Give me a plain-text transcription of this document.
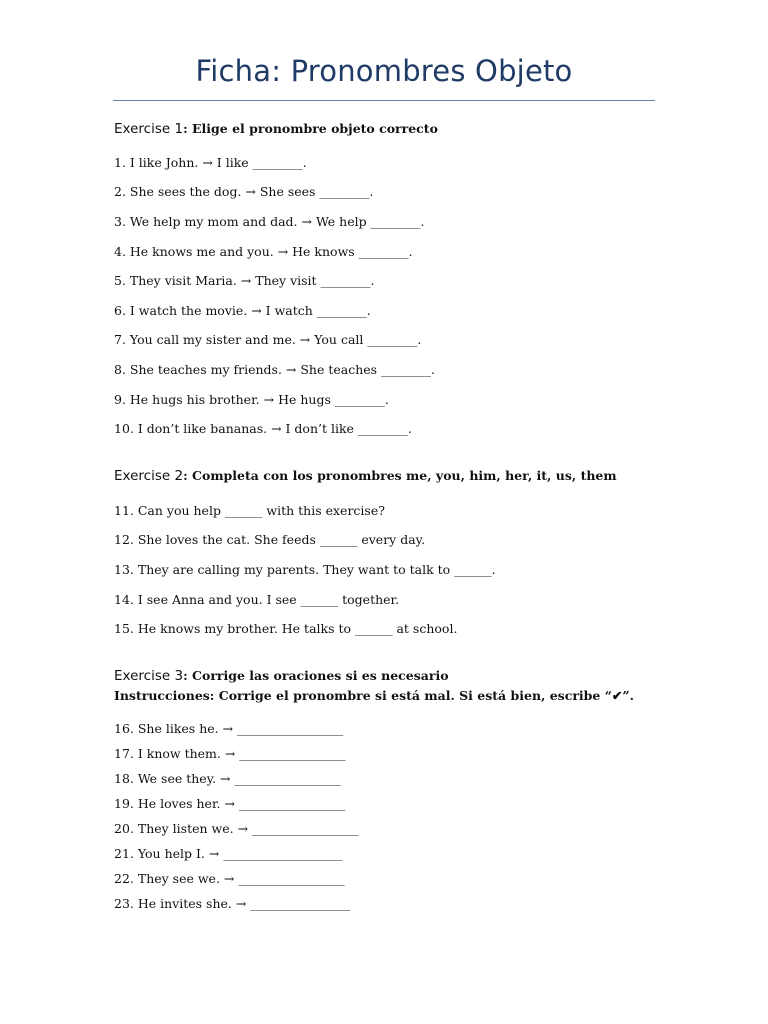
Ficha: Pronombres Objeto
Exercise 1: Elige el pronombre objeto correcto
1. I like John. → I like ________.
2. She sees the dog. → She sees ________.
3. We help my mom and dad. → We help ________.
4. He knows me and you. → He knows ________.
5. They visit Maria. → They visit ________.
6. I watch the movie. → I watch ________.
7. You call my sister and me. → You call ________.
8. She teaches my friends. → She teaches ________.
9. He hugs his brother. → He hugs ________.
10. I don’t like bananas. → I don’t like ________.
Exercise 2: Completa con los pronombres me, you, him, her, it, us, them
11. Can you help ______ with this exercise?
12. She loves the cat. She feeds ______ every day.
13. They are calling my parents. They want to talk to ______.
14. I see Anna and you. I see ______ together.
15. He knows my brother. He talks to ______ at school.
Exercise 3: Corrige las oraciones si es necesario
Instrucciones: Corrige el pronombre si está mal. Si está bien, escribe “✔”.
16. She likes he. → _________________
17. I know them. → _________________
18. We see they. → _________________
19. He loves her. → _________________
20. They listen we. → _________________
21. You help I. → ___________________
22. They see we. → _________________
23. He invites she. → ________________
